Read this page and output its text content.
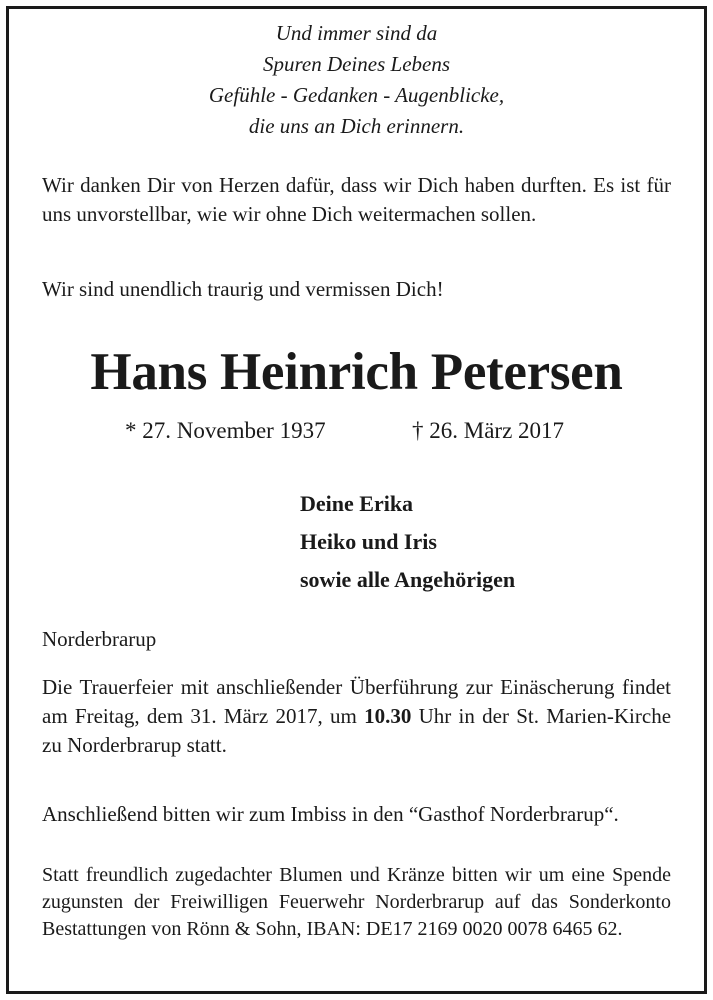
Und immer sind da
Spuren Deines Lebens
Gefühle - Gedanken - Augenblicke,
die uns an Dich erinnern.
Wir danken Dir von Herzen dafür, dass wir Dich haben durften. Es ist für uns unvorstellbar, wie wir ohne Dich weitermachen sollen.
Wir sind unendlich traurig und vermissen Dich!
Hans Heinrich Petersen
* 27. November 1937	† 26. März 2017
Deine Erika
Heiko und Iris
sowie alle Angehörigen
Norderbrarup
Die Trauerfeier mit anschließender Überführung zur Einäscherung findet am Freitag, dem 31. März 2017, um 10.30 Uhr in der St. Marien-Kirche zu Norderbrarup statt.
Anschließend bitten wir zum Imbiss in den “Gasthof Norderbrarup“.
Statt freundlich zugedachter Blumen und Kränze bitten wir um eine Spende zugunsten der Freiwilligen Feuerwehr Norderbrarup auf das Sonderkonto Bestattungen von Rönn & Sohn, IBAN: DE17 2169 0020 0078 6465 62.
